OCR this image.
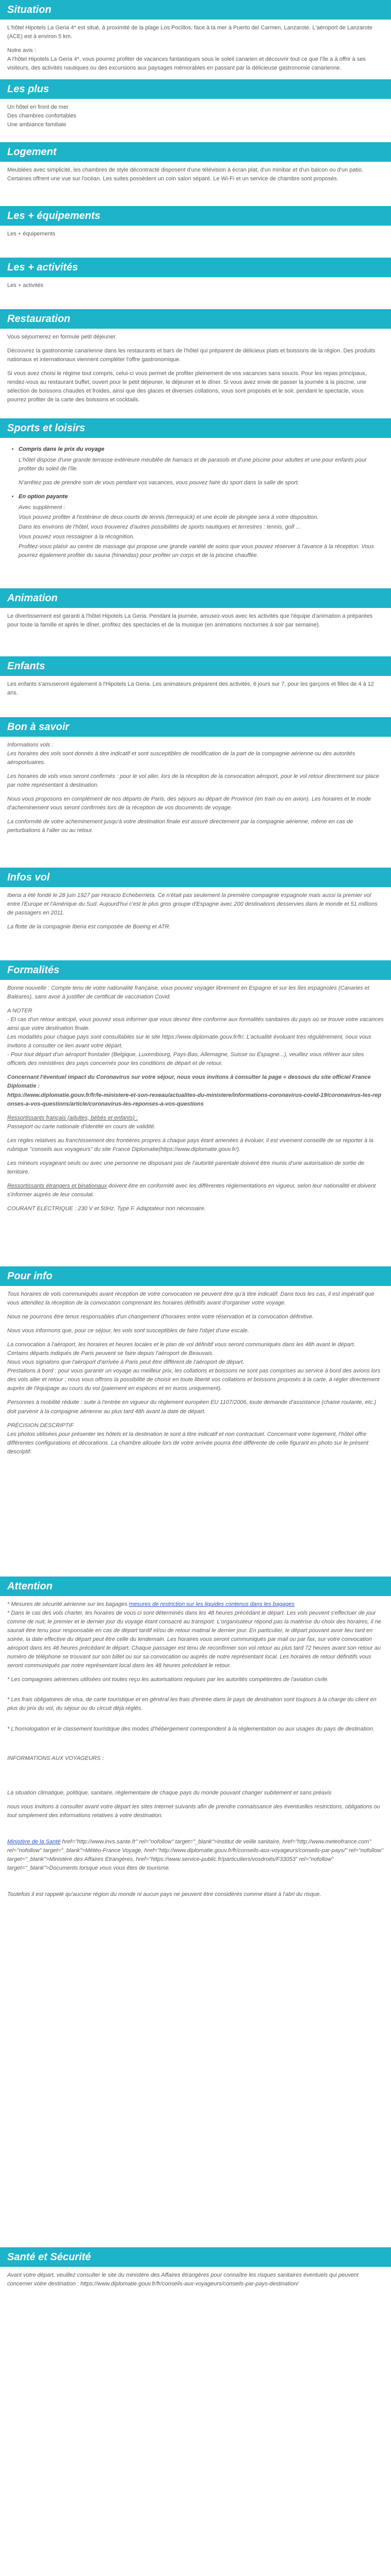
Situation

L'hôtel Hipotels La Geria 4* est situé, à proximité de la plage Los Pocillos, face à la mer à Puerto del Carmen, Lanzarote. L'aéroport de Lanzarote (ACE) est à environ 5 km.

Notre avis :

A l'hôtel Hipotels La Geria 4*, vous pourrez profiter de vacances fantastiques sous le soleil canarien et découvrir tout ce que l'île a à offrir à ses visiteurs, des activités nautiques ou des excursions aux paysages mémorables en passant par la délicieuse gastronomie canarienne.

Les plus
Un hôtel en front de mer
Des chambres confortables
Une ambiance familiale
Logement

Meublées avec simplicité, les chambres de style décontracté disposent d'une télévision à écran plat, d'un minibar et d'un balcon ou d'un patio. Certaines offrent une vue sur l'océan. Les suites possèdent un coin salon séparé. Le Wi-Fi et un service de chambre sont proposés.

Les + équipements

Les + équipements

Les + activités

Les + activités

Restauration

Vous séjournerez en formule petit déjeuner.

Découvrez la gastronomie canarienne dans les restaurants et bars de l'hôtel qui préparent de délicieux plats et boissons de la région. Des produits nationaux et internationaux viennent compléter l'offre gastronomique.

Si vous avez choisi le régime tout compris, celui-ci vous permet de profiter pleinement de vos vacances sans soucis. Pour les repas principaux, rendez-vous au restaurant buffet, ouvert pour le petit déjeuner, le déjeuner et le dîner. Si vous avez envie de passer la journée à la piscine, une sélection de boissons chaudes et froides, ainsi que des glaces et diverses collations, vous sont proposés et le soir, pendant le spectacle, vous pourrez profiter de la carte des boissons et cocktails.

Sports et loisirs
• Compris dans le prix du voyage

L'hôtel dispose d'une grande terrasse extérieure meublée de hamacs et de parasols et d'une piscine pour adultes et une pour enfants pour profiter du soleil de l'île.

N'arrêtez pas de prendre soin de vous pendant vos vacances, vous pouvez faire du sport dans la salle de sport.

• En option payante

Avec supplément :

Vous pouvez profiter à l'extérieur de deux courts de tennis (terrequick) et une école de plongée sera à votre disposition.

Dans les environs de l'hôtel, vous trouverez d'autres possibilités de sports nautiques et terrestres : tennis, golf ...

Vous pouvez vous ressaigner à la récognition.

Profitez-vous plaisir au centre de massage qui propose une grande variété de soins que vous pouvez réserver à l'avance à la réception. Vous pourrez également profiter du sauna (hinandas) pour profiter un corps et de la piscine chauffée.

Animation

Le divertissement est garanti à l'hôtel Hipotels La Geria. Pendant la journée, amusez-vous avec les activités que l'équipe d'animation a préparées pour toute la famille et après le dîner, profitez des spectacles et de la musique (en animations nocturnes à soir par semaine).

Enfants

Les enfants s'amuseront également à l'Hipotels La Geria. Les animateurs préparent des activités, 6 jours sur 7, pour les garçons et filles de 4 à 12 ans.

Bon à savoir

Informations vols :

Les horaires des vols sont donnés à titre indicatif et sont susceptibles de modification de la part de la compagnie aérienne ou des autorités aéroportuaires.

Les horaires de vols vous seront confirmés : pour le vol aller, lors de la réception de la convocation aéroport, pour le vol retour directement sur place par notre représentant à destination.

Nous vous proposons en complément de nos départs de Paris, des séjours au départ de Province (en train ou en avion). Les horaires et le mode d'acheminement vous seront confirmés lors de la réception de vos documents de voyage.

La conformité de votre acheminement jusqu'à votre destination finale est assuré directement par la compagnie aérienne, même en cas de perturbations à l'aller ou au retour.

Infos vol

Iberia a été fondé le 28 juin 1927 par Horacio Echeberrieta. Ce n'était pas seulement la première compagnie espagnole mais aussi la premier vol entre l'Europe et l'Amérique du Sud. Aujourd'hui c'est le plus gros groupe d'Espagne avec 200 destinations desservies dans le monde et 51 millions de passagers en 2011.

La flotte de la compagnie Iberia est composée de Boeing et ATR.

Formalités

Bonne nouvelle : Compte tenu de votre nationalité française, vous pouvez voyager librement en Espagne et sur les îles espagnoles (Canaries et Baléares), sans avoir à justifier de certificat de vaccination Covid.

A NOTER

- Et cas d'un retour anticipé, vous pouvez vous informer que vous devrez être conforme aux formalités sanitaires du pays où se trouve votre vacances ainsi que votre destination finale.

Les modalités pour chaque pays sont consultables sur le site https://www.diplomatie.gouv.fr/fr/. L'actualité évoluant très régulièrement, nous vous invitons à consulter ce lien avant votre départ.

- Pour tout départ d'un aéroport frontalier (Belgique, Luxembourg, Pays-Bas, Allemagne, Suisse ou Espagne...), veuillez vous référer aux sites officiels des ministères des pays concernés pour les conditions de départ et de retour.

Concernant l'éventuel impact du Coronavirus sur votre séjour, nous vous invitons à consulter la page « dessous du site officiel France Diplomatie :

https://www.diplomatie.gouv.fr/fr/le-ministere-et-son-reseau/actualites-du-ministere/informations-coronavirus-covid-19/coronavirus-les-reponses-a-vos-questions/article/coronavirus-les-reponses-a-vos-questions

Ressortissants français (adultes, bébés et enfants) :

Passeport ou carte nationale d'identité en cours de validité.

Les règles relatives au franchissement des frontières propres à chaque pays étant amenées à évoluer, il est vivement conseillé de se reporter à la rubrique "conseils aux voyageurs" du site France Diplomatie(https://www.diplomatie.gouv.fr/).

Les mineurs voyageant seuls ou avec une personne ne disposant pas de l'autorité parentale doivent être munis d'une autorisation de sortie de territoire.

Ressortissants étrangers et binationaux doivent être en conformité avec les différentes réglementations en vigueur, selon leur nationalité et doivent s'informer auprès de leur consulat.

COURANT ELECTRIQUE : 230 V et 50Hz. Type F. Adaptateur non nécessaire.

Pour info

Tous horaires de vols communiqués avant réception de votre convocation ne peuvent être qu'à titre indicatif. Dans tous les cas, il est impératif que vous attendiez la réception de la convocation comprenant les horaires définitifs avant d'organiser votre voyage.

Nous ne pourrons être tenus responsables d'un changement d'horaires entre votre réservation et la convocation définitive.

Nous vous informons que, pour ce séjour, les vols sont susceptibles de faire l'objet d'une escale.

La convocation à l'aéroport, les horaires et heures locales et le plan de vol définitif vous seront communiqués dans les 48h avant le départ.

Certains départs indiqués de Paris peuvent se faire depuis l'aéroport de Beauvais.

Nous vous signalons que l'aéroport d'arrivée à Paris peut être différent de l'aéroport de départ.

Prestations à bord : pour vous garantir un voyage au meilleur prix, les collations et boissons ne sont pas comprises au service à bord des avions lors des vols aller et retour ; nous vous offrons la possibilité de choisir en toute liberté vos collations et boissons proposés à la carte, à régler directement auprès de l'équipage au cours du vol (paiement en espèces et en euros uniquement).

Personnes à mobilité réduite : suite à l'entrée en vigueur du règlement européen EU 1107/2006, toute demande d'assistance (chaise roulante, etc.) doit parvenir à la compagnie aérienne au plus tard 48h avant la date de départ.

PRÉCISION DESCRIPTIF

Les photos utilisées pour présenter les hôtels et la destination le sont à titre indicatif et non contractuel. Concernant votre logement, l'hôtel offre différentes configurations et décorations. La chambre allouée lors de votre arrivée pourra être différente de celle figurant en photo sur le présent descriptif.

Attention

* Mesures de sécurité aérienne sur les bagages mesures de restriction sur les liquides contenus dans les bagages
* Dans le cas des vols charter, les horaires de vous ci sont déterminés dans les 48 heures précédant le départ. Les vols peuvent s'effectuer de jour comme de nuit, le premier et le dernier jour du voyage étant consacré au transport. L'organisateur répond pas la matérise du choix des horaires, il ne saurait être tenu pour responsable en cas de départ tardif et/ou de retour matinal le dernier jour. En particulier, le départ pouvant avoir lieu tard en soirée, la date effective du départ peut être celle du lendemain. Les horaires vous seront communiqués par mail ou par fax, sur votre convocation aéroport dans les 48 heures précédant le départ. Chaque passager est tenu de reconfirmer son vol retour au plus tard 72 heures avant son retour au numéro de téléphone se trouvant sur son billet ou sur sa convocation ou auprès de notre représentant local. Les horaires de retour définitifs vous seront communiqués par notre représentant local dans les 48 heures précédant le retour.

* Les compagnies aériennes utilisées ont toutes reçu les autorisations requises par les autorités compétentes de l'aviation civile.

* Les frais obligatoires de visa, de carte touristique et en général les frais d'entrée dans le pays de destination sont toujours à la charge du client en plus du prix du vol, du séjour ou du circuit déjà réglés.

* L'homologation et le classement touristique des modes d'hébergement correspondent à la réglementation ou aux usages du pays de destination.

INFORMATIONS AUX VOYAGEURS :

La situation climatique, politique, sanitaire, réglementaire de chaque pays du monde pouvant changer subitement et sans préavis

nous vous invitons à consulter avant votre départ les sites Internet suivants afin de prendre connaissance des éventuelles restrictions, obligations ou tout simplement des informations relatives à votre destination.

Ministère de la Santé href="http://www.invs.sante.fr" rel="nofollow" target="_blank">Institut de veille sanitaire, href="http://www.meteofrance.com" rel="nofollow" target="_blank">Météo-France Voyage, href="http://www.diplomatie.gouv.fr/fr/conseils-aux-voyageurs/conseils-par-pays/" rel="nofollow" target="_blank">Ministère des Affaires Etrangères, href="https://www.service-public.fr/particuliers/vosdroits/F33053" rel="nofollow" target="_blank">Documents lorsque vous vous êtes de tourisme.

Toutefois il est rappelé qu'aucune région du monde ni aucun pays ne peuvent être considérés comme étant à l'abri du risque.

Santé et Sécurité

Avant votre départ, veuillez consulter le site du ministère des Affaires étrangères pour connaître les risques sanitaires éventuels qui peuvent concerner votre destination : https://www.diplomatie.gouv.fr/fr/conseils-aux-voyageurs/conseils-par-pays-destination/
